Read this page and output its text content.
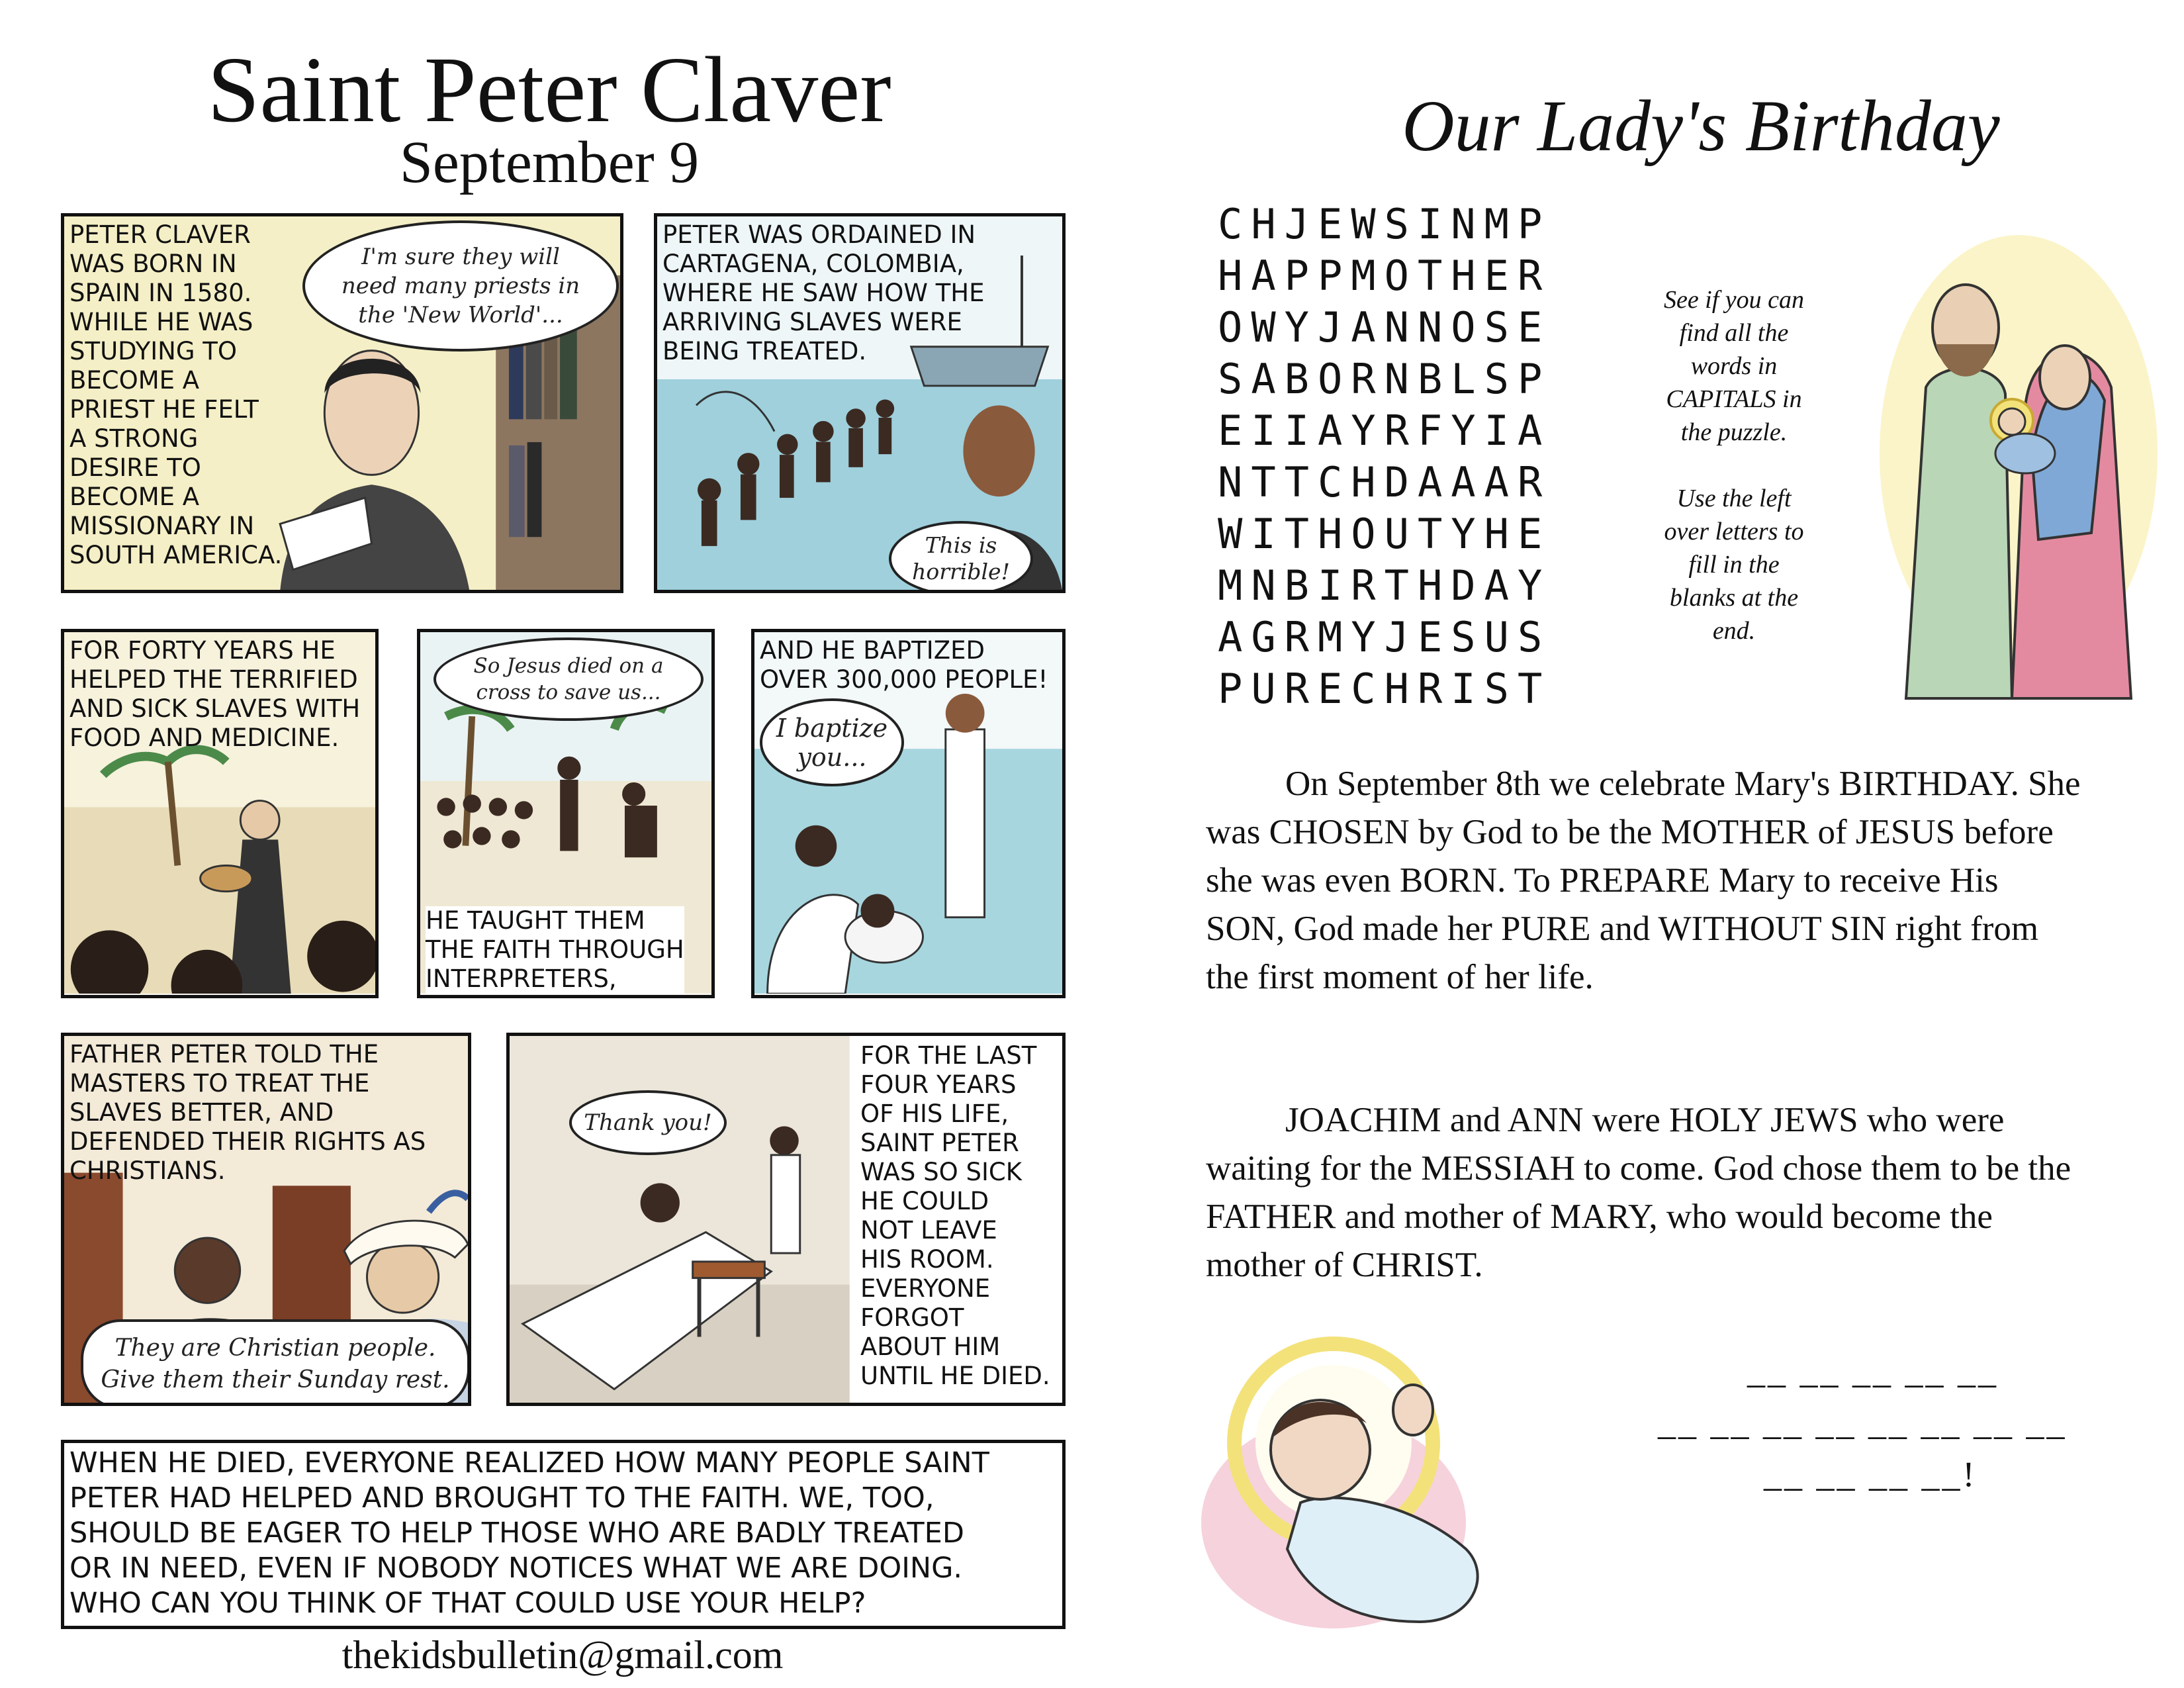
Saint Peter Claver
September 9
PETER CLAVER
WAS BORN IN
SPAIN IN 1580.
WHILE HE WAS
STUDYING TO
BECOME A
PRIEST HE FELT
A STRONG
DESIRE TO
BECOME A
MISSIONARY IN
SOUTH AMERICA.
I'm sure they will
need many priests in
the 'New World'...
PETER WAS ORDAINED IN
CARTAGENA, COLOMBIA,
WHERE HE SAW HOW THE
ARRIVING SLAVES WERE
BEING TREATED.
This is
horrible!
FOR FORTY YEARS HE
HELPED THE TERRIFIED
AND SICK SLAVES WITH
FOOD AND MEDICINE.
So Jesus died on a
cross to save us...
HE TAUGHT THEM
THE FAITH THROUGH
INTERPRETERS,
AND HE BAPTIZED
OVER 300,000 PEOPLE!
I baptize
you...
FATHER PETER TOLD THE
MASTERS TO TREAT THE
SLAVES BETTER, AND
DEFENDED THEIR RIGHTS AS
CHRISTIANS.
They are Christian people.
Give them their Sunday rest.
Thank you!
FOR THE LAST
FOUR YEARS
OF HIS LIFE,
SAINT PETER
WAS SO SICK
HE COULD
NOT LEAVE
HIS ROOM.
EVERYONE
FORGOT
ABOUT HIM
UNTIL HE DIED.
WHEN HE DIED, EVERYONE REALIZED HOW MANY PEOPLE SAINT
PETER HAD HELPED AND BROUGHT TO THE FAITH. WE, TOO,
SHOULD BE EAGER TO HELP THOSE WHO ARE BADLY TREATED
OR IN NEED, EVEN IF NOBODY NOTICES WHAT WE ARE DOING.
WHO CAN YOU THINK OF THAT COULD USE YOUR HELP?
thekidsbulletin@gmail.com
Our Lady's Birthday
CHJEWSINMP
HAPPMOTHER
OWYJANNOSE
SABORNBLSP
EIIAYRFYIA
NTTCHDAAAR
WITHOUTYHE
MNBIRTHDAY
AGRMYJESUS
PURECHRIST
See if you can
find all the
words in
CAPITALS in
the puzzle.

Use the left
over letters to
fill in the
blanks at the
end.
On September 8th we celebrate Mary's BIRTHDAY. She was CHOSEN by God to be the MOTHER of JESUS before she was even BORN. To PREPARE Mary to receive His SON, God made her PURE and WITHOUT SIN right from the first moment of her life.
JOACHIM and ANN were HOLY JEWS who were waiting for the MESSIAH to come. God chose them to be the FATHER and mother of MARY, who would become the mother of CHRIST.
__ __ __ __ __
__ __ __ __ __ __ __ __
__ __ __ __!
